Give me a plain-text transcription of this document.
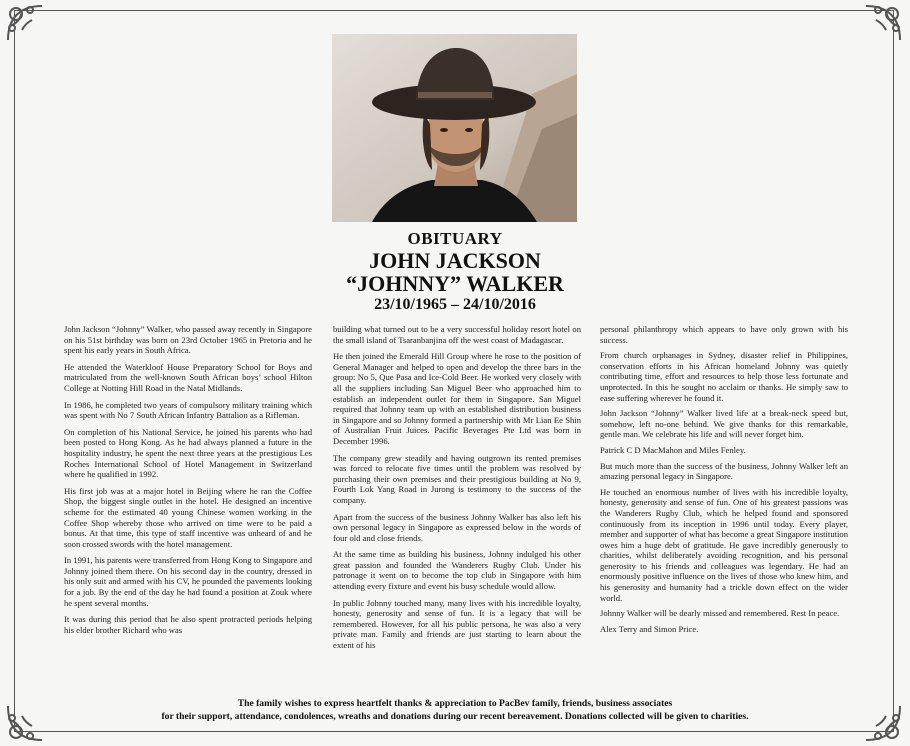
OBITUARY
JOHN JACKSON
“JOHNNY” WALKER
23/10/1965 – 24/10/2016

John Jackson “Johnny” Walker, who passed away recently in Singapore on his 51st birthday was born on 23rd October 1965 in Pretoria and he spent his early years in South Africa.

He attended the Waterkloof House Preparatory School for Boys and matriculated from the well-known South African boys’ school Hilton College at Notting Hill Road in the Natal Midlands.

In 1986, he completed two years of compulsory military training which was spent with No 7 South African Infantry Battalion as a Rifleman.

On completion of his National Service, he joined his parents who had been posted to Hong Kong. As he had always planned a future in the hospitality industry, he spent the next three years at the prestigious Les Roches International School of Hotel Management in Switzerland where he qualified in 1992.

His first job was at a major hotel in Beijing where he ran the Coffee Shop, the biggest single outlet in the hotel. He designed an incentive scheme for the estimated 40 young Chinese women working in the Coffee Shop whereby those who arrived on time were to be paid a bonus. At that time, this type of staff incentive was unheard of and he soon crossed swords with the hotel management.

In 1991, his parents were transferred from Hong Kong to Singapore and Johnny joined them there. On his second day in the country, dressed in his only suit and armed with his CV, he pounded the pavements looking for a job. By the end of the day he had found a position at Zouk where he spent several months.

It was during this period that he also spent protracted periods helping his elder brother Richard who was

building what turned out to be a very successful holiday resort hotel on the small island of Tsaranbanjina off the west coast of Madagascar.

He then joined the Emerald Hill Group where he rose to the position of General Manager and helped to open and develop the three bars in the group: No 5, Que Pasa and Ice-Cold Beer. He worked very closely with all the suppliers including San Miguel Beer who approached him to establish an independent outlet for them in Singapore. San Miguel required that Johnny team up with an established distribution business in Singapore and so Johnny formed a partnership with Mr Lian Ee Shin of Australian Fruit Juices. Pacific Beverages Pte Ltd was born in December 1996.

The company grew steadily and having outgrown its rented premises was forced to relocate five times until the problem was resolved by purchasing their own premises and their prestigious building at No 9, Fourth Lok Yang Road in Jurong is testimony to the success of the company.

Apart from the success of the business Johnny Walker has also left his own personal legacy in Singapore as expressed below in the words of four old and close friends.

At the same time as building his business, Johnny indulged his other great passion and founded the Wanderers Rugby Club. Under his patronage it went on to become the top club in Singapore with him attending every fixture and event his busy schedule would allow.

In public Johnny touched many, many lives with his incredible loyalty, honesty, generosity and sense of fun. It is a legacy that will be remembered. However, for all his public persona, he was also a very private man. Family and friends are just starting to learn about the extent of his

personal philanthropy which appears to have only grown with his success.

From church orphanages in Sydney, disaster relief in Philippines, conservation efforts in his African homeland Johnny was quietly contributing time, effort and resources to help those less fortunate and unprotected. In this he sought no acclaim or thanks. He simply saw to ease suffering wherever he found it.

John Jackson “Johnny” Walker lived life at a break-neck speed but, somehow, left no-one behind. We give thanks for this remarkable, gentle man. We celebrate his life and will never forget him.

Patrick C D MacMahon and Miles Fenley.

But much more than the success of the business, Johnny Walker left an amazing personal legacy in Singapore.

He touched an enormous number of lives with his incredible loyalty, honesty, generosity and sense of fun. One of his greatest passions was the Wanderers Rugby Club, which he helped found and sponsored continuously from its inception in 1996 until today. Every player, member and supporter of what has become a great Singapore institution owes him a huge debt of gratitude. He gave incredibly generously to charities, whilst deliberately avoiding recognition, and his personal generosity to his friends and colleagues was legendary. He had an enormously positive influence on the lives of those who knew him, and his generosity and humanity had a trickle down effect on the wider world.

Johnny Walker will be dearly missed and remembered. Rest In peace.

Alex Terry and Simon Price.

The family wishes to express heartfelt thanks & appreciation to PacBev family, friends, business associates
for their support, attendance, condolences, wreaths and donations during our recent bereavement. Donations collected will be given to charities.
